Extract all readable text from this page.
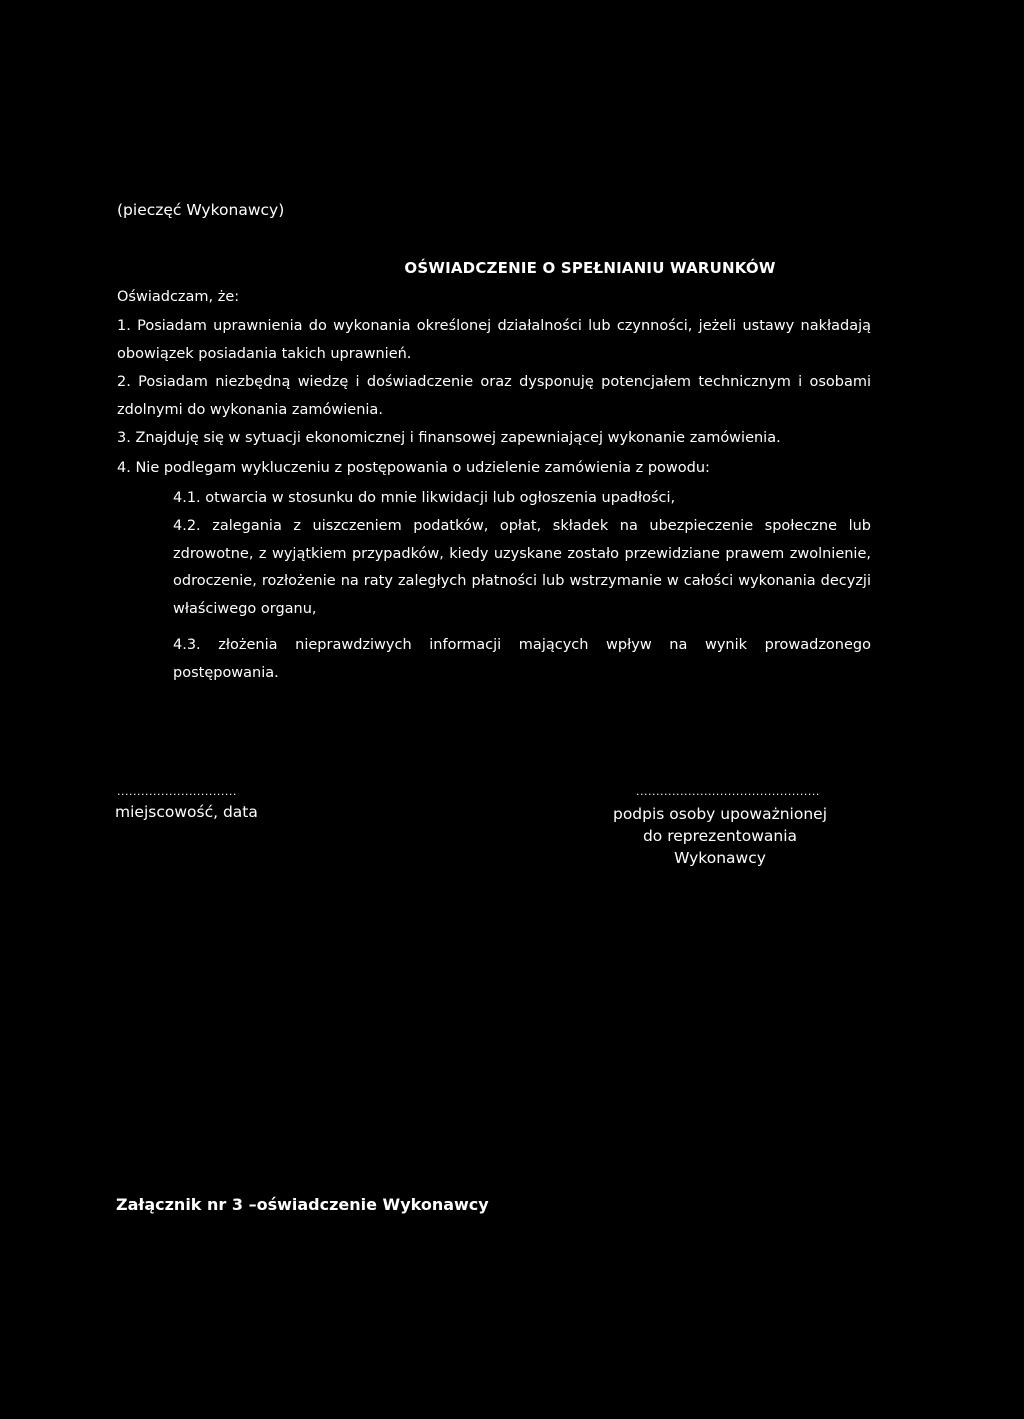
(pieczęć Wykonawcy)
OŚWIADCZENIE O SPEŁNIANIU WARUNKÓW
Oświadczam, że:
1. Posiadam uprawnienia do wykonania określonej działalności lub czynności, jeżeli ustawy nakładają obowiązek posiadania takich uprawnień.
2. Posiadam niezbędną wiedzę i doświadczenie oraz dysponuję potencjałem technicznym i osobami zdolnymi do wykonania zamówienia.
3. Znajduję się w sytuacji ekonomicznej i finansowej zapewniającej wykonanie zamówienia.
4. Nie podlegam wykluczeniu z postępowania o udzielenie zamówienia z powodu:
4.1. otwarcia w stosunku do mnie likwidacji lub ogłoszenia upadłości,
4.2. zalegania z uiszczeniem podatków, opłat, składek na ubezpieczenie społeczne lub zdrowotne, z wyjątkiem przypadków, kiedy uzyskane zostało przewidziane prawem zwolnienie, odroczenie, rozłożenie na raty zaległych płatności lub wstrzymanie w całości wykonania decyzji właściwego organu,
4.3. złożenia nieprawdziwych informacji mających wpływ na wynik prowadzonego postępowania.
..............................	..............................................
miejscowość, data	podpis osoby upoważnionej
do reprezentowania Wykonawcy
Załącznik nr 3 –oświadczenie Wykonawcy
